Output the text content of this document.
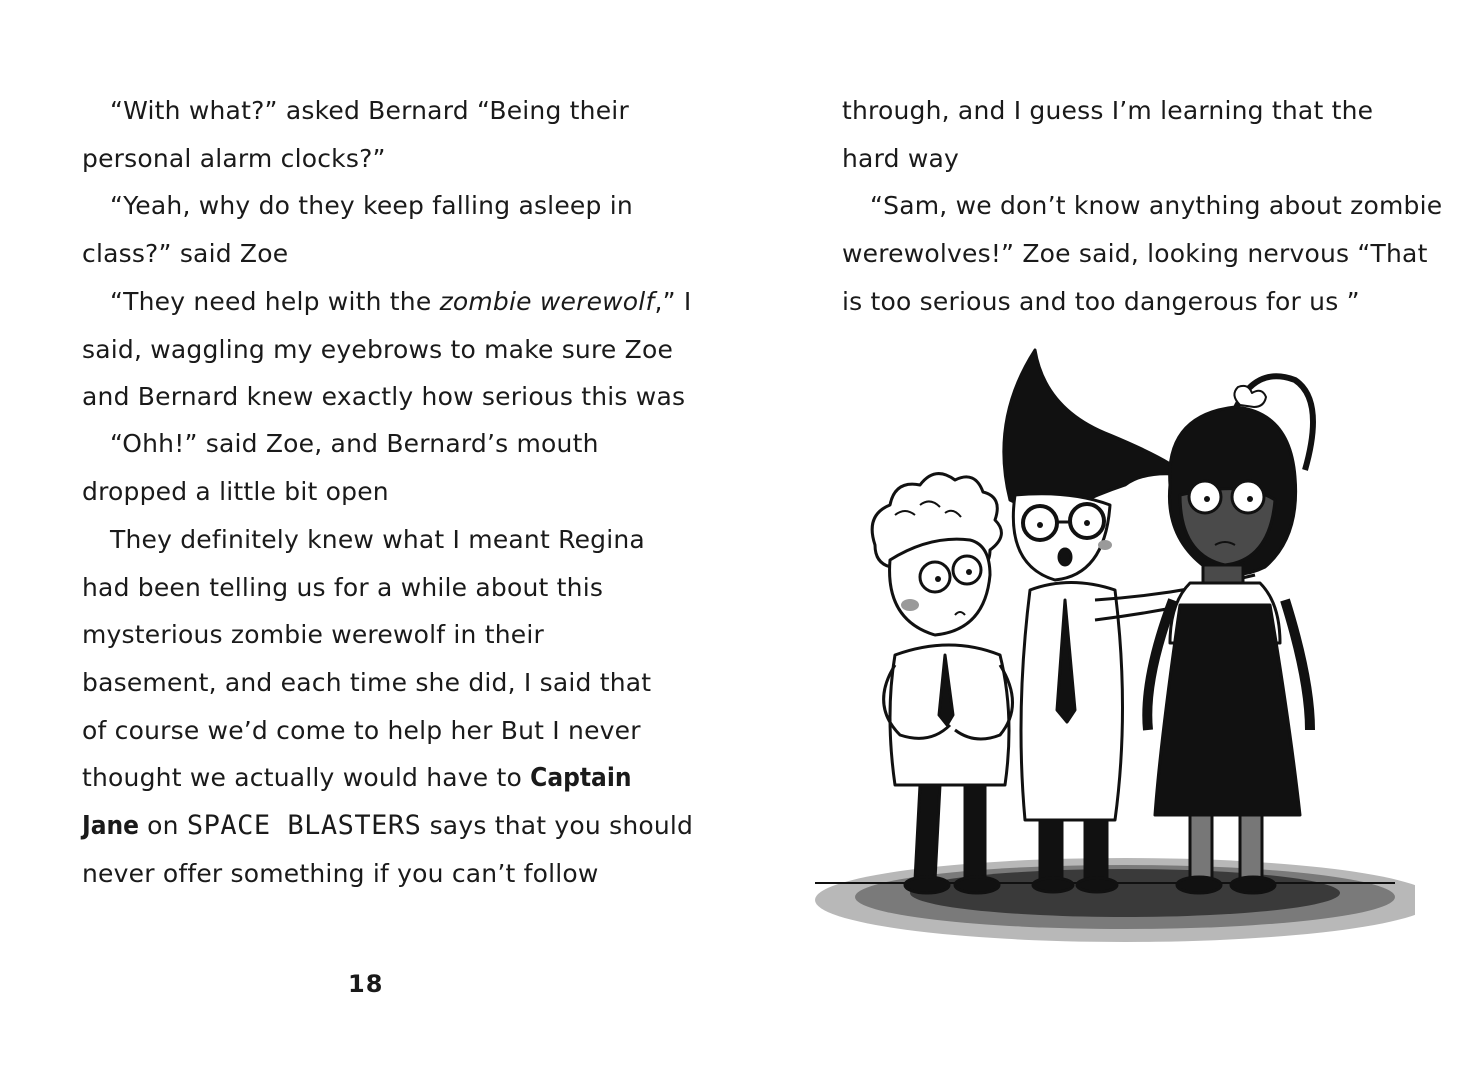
“With what?” asked Bernard “Being their
personal alarm clocks?”
“Yeah, why do they keep falling asleep in
class?” said Zoe
“They need help with the zombie werewolf,” I
said, waggling my eyebrows to make sure Zoe
and Bernard knew exactly how serious this was
“Ohh!” said Zoe, and Bernard’s mouth
dropped a little bit open
They definitely knew what I meant Regina
had been telling us for a while about this
mysterious zombie werewolf in their
basement, and each time she did, I said that
of course we’d come to help her But I never
thought we actually would have to Captain
Jane on SPACE BLASTERS says that you should
never offer something if you can’t follow
18
through, and I guess I’m learning that the
hard way
“Sam, we don’t know anything about zombie
werewolves!” Zoe said, looking nervous “That
is too serious and too dangerous for us ”
